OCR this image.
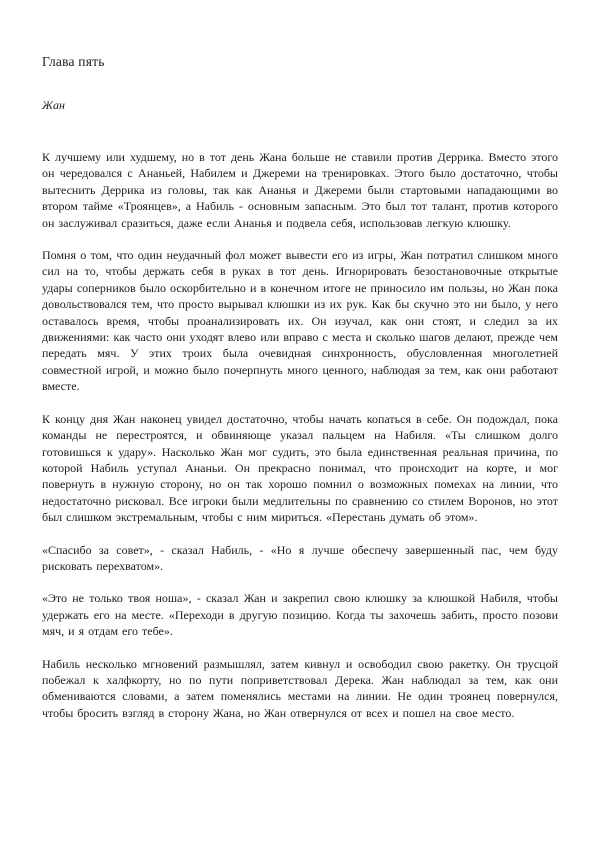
Глава пять
Жан

К лучшему или худшему, но в тот день Жана больше не ставили против Деррика. Вместо этого он чередовался с Ананьей, Набилем и Джереми на тренировках. Этого было достаточно, чтобы вытеснить Деррика из головы, так как Ананья и Джереми были стартовыми нападающими во втором тайме «Троянцев», а Набиль - основным запасным. Это был тот талант, против которого он заслуживал сразиться, даже если Ананья и подвела себя, использовав легкую клюшку.

Помня о том, что один неудачный фол может вывести его из игры, Жан потратил слишком много сил на то, чтобы держать себя в руках в тот день. Игнорировать безостановочные открытые удары соперников было оскорбительно и в конечном итоге не приносило им пользы, но Жан пока довольствовался тем, что просто вырывал клюшки из их рук. Как бы скучно это ни было, у него оставалось время, чтобы проанализировать их. Он изучал, как они стоят, и следил за их движениями: как часто они уходят влево или вправо с места и сколько шагов делают, прежде чем передать мяч. У этих троих была очевидная синхронность, обусловленная многолетней совместной игрой, и можно было почерпнуть много ценного, наблюдая за тем, как они работают вместе.

К концу дня Жан наконец увидел достаточно, чтобы начать копаться в себе. Он подождал, пока команды не перестроятся, и обвиняюще указал пальцем на Набиля. «Ты слишком долго готовишься к удару». Насколько Жан мог судить, это была единственная реальная причина, по которой Набиль уступал Ананьи. Он прекрасно понимал, что происходит на корте, и мог повернуть в нужную сторону, но он так хорошо помнил о возможных помехах на линии, что недостаточно рисковал. Все игроки были медлительны по сравнению со стилем Воронов, но этот был слишком экстремальным, чтобы с ним мириться. «Перестань думать об этом».

«Спасибо за совет», - сказал Набиль, - «Но я лучше обеспечу завершенный пас, чем буду рисковать перехватом».

«Это не только твоя ноша», - сказал Жан и закрепил свою клюшку за клюшкой Набиля, чтобы удержать его на месте. «Переходи в другую позицию. Когда ты захочешь забить, просто позови мяч, и я отдам его тебе».

Набиль несколько мгновений размышлял, затем кивнул и освободил свою ракетку. Он трусцой побежал к халфкорту, но по пути поприветствовал Дерека. Жан наблюдал за тем, как они обмениваются словами, а затем поменялись местами на линии. Не один троянец повернулся, чтобы бросить взгляд в сторону Жана, но Жан отвернулся от всех и пошел на свое место.
